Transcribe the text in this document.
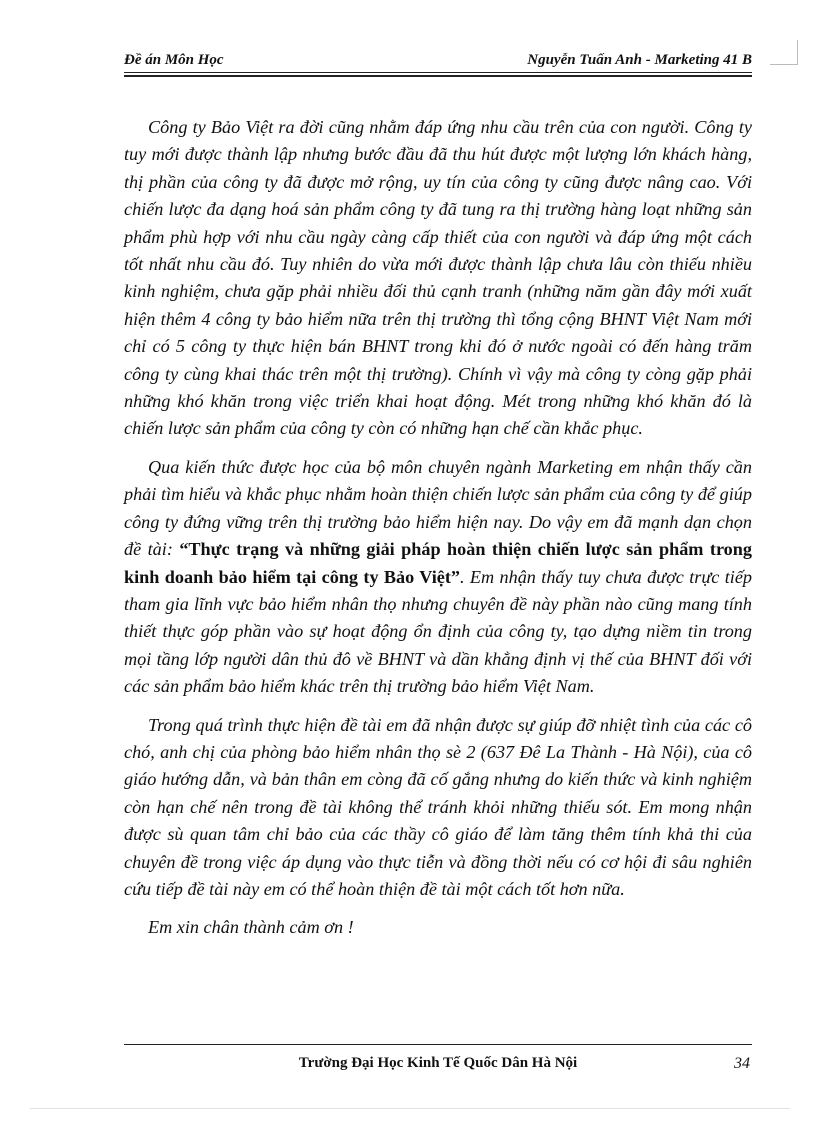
Đề án Môn Học	Nguyễn Tuấn Anh - Marketing 41 B

Công ty Bảo Việt ra đời cũng nhằm đáp ứng nhu cầu trên của con người. Công ty tuy mới được thành lập nhưng bước đầu đã thu hút được một lượng lớn khách hàng, thị phần của công ty đã được mở rộng, uy tín của công ty cũng được nâng cao. Với chiến lược đa dạng hoá sản phẩm công ty đã tung ra thị trường hàng loạt những sản phẩm phù hợp với nhu cầu ngày càng cấp thiết của con người và đáp ứng một cách tốt nhất nhu cầu đó. Tuy nhiên do vừa mới được thành lập chưa lâu còn thiếu nhiều kinh nghiệm, chưa gặp phải nhiều đối thủ cạnh tranh (những năm gần đây mới xuất hiện thêm 4 công ty bảo hiểm nữa trên thị trường thì tổng cộng BHNT Việt Nam mới chỉ có 5 công ty thực hiện bán BHNT trong khi đó ở nước ngoài có đến hàng trăm công ty cùng khai thác trên một thị trường). Chính vì vậy mà công ty còng gặp phải những khó khăn trong việc triển khai hoạt động. Mét trong những khó khăn đó là chiến lược sản phẩm của công ty còn có những hạn chế cần khắc phục.

Qua kiến thức được học của bộ môn chuyên ngành Marketing em nhận thấy cần phải tìm hiểu và khắc phục nhằm hoàn thiện chiến lược sản phẩm của công ty để giúp công ty đứng vững trên thị trường bảo hiểm hiện nay. Do vậy em đã mạnh dạn chọn đề tài: “Thực trạng và những giải pháp hoàn thiện chiến lược sản phẩm trong kinh doanh bảo hiểm tại công ty Bảo Việt”. Em nhận thấy tuy chưa được trực tiếp tham gia lĩnh vực bảo hiểm nhân thọ nhưng chuyên đề này phần nào cũng mang tính thiết thực góp phần vào sự hoạt động ổn định của công ty, tạo dựng niềm tin trong mọi tầng lớp người dân thủ đô về BHNT và dần khẳng định vị thế của BHNT đối với các sản phẩm bảo hiểm khác trên thị trường bảo hiểm Việt Nam.

Trong quá trình thực hiện đề tài em đã nhận được sự giúp đỡ nhiệt tình của các cô chó, anh chị của phòng bảo hiểm nhân thọ sè 2 (637 Đê La Thành - Hà Nội), của cô giáo hướng dẫn, và bản thân em còng đã cố gắng nhưng do kiến thức và kinh nghiệm còn hạn chế nên trong đề tài không thể tránh khỏi những thiếu sót. Em mong nhận được sù quan tâm chỉ bảo của các thầy cô giáo để làm tăng thêm tính khả thi của chuyên đề trong việc áp dụng vào thực tiễn và đồng thời nếu có cơ hội đi sâu nghiên cứu tiếp đề tài này em có thể hoàn thiện đề tài một cách tốt hơn nữa.

Em xin chân thành cảm ơn !

Trường Đại Học Kinh Tế Quốc Dân Hà Nội	34
